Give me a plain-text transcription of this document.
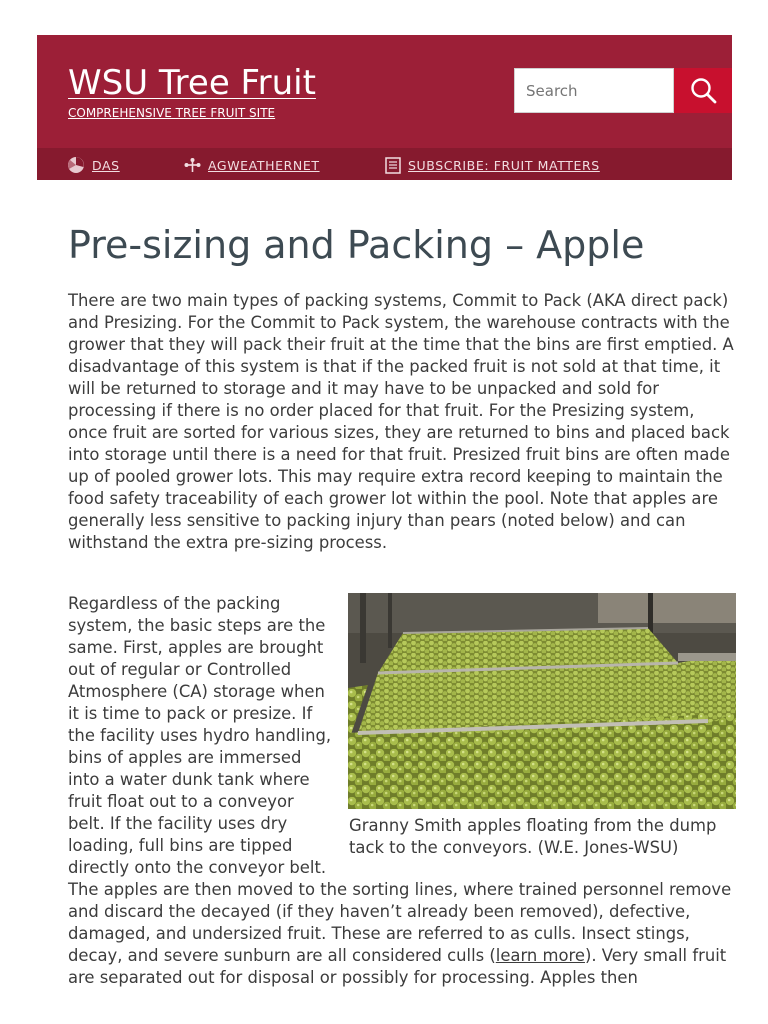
WSU Tree Fruit
COMPREHENSIVE TREE FRUIT SITE
Search
DAS	AGWEATHERNET	SUBSCRIBE: FRUIT MATTERS
Pre-sizing and Packing – Apple

There are two main types of packing systems, Commit to Pack (AKA direct pack) and Presizing. For the Commit to Pack system, the warehouse contracts with the grower that they will pack their fruit at the time that the bins are first emptied. A disadvantage of this system is that if the packed fruit is not sold at that time, it will be returned to storage and it may have to be unpacked and sold for processing if there is no order placed for that fruit. For the Presizing system, once fruit are sorted for various sizes, they are returned to bins and placed back into storage until there is a need for that fruit. Presized fruit bins are often made up of pooled grower lots. This may require extra record keeping to maintain the food safety traceability of each grower lot within the pool. Note that apples are generally less sensitive to packing injury than pears (noted below) and can withstand the extra pre-sizing process.

Granny Smith apples floating from the dump tack to the conveyors. (W.E. Jones-WSU)

Regardless of the packing system, the basic steps are the same. First, apples are brought out of regular or Controlled Atmosphere (CA) storage when it is time to pack or presize. If the facility uses hydro handling, bins of apples are immersed into a water dunk tank where fruit float out to a conveyor belt. If the facility uses dry loading, full bins are tipped directly onto the conveyor belt. The apples are then moved to the sorting lines, where trained personnel remove and discard the decayed (if they haven’t already been removed), defective, damaged, and undersized fruit. These are referred to as culls. Insect stings, decay, and severe sunburn are all considered culls (learn more). Very small fruit are separated out for disposal or possibly for processing. Apples then
